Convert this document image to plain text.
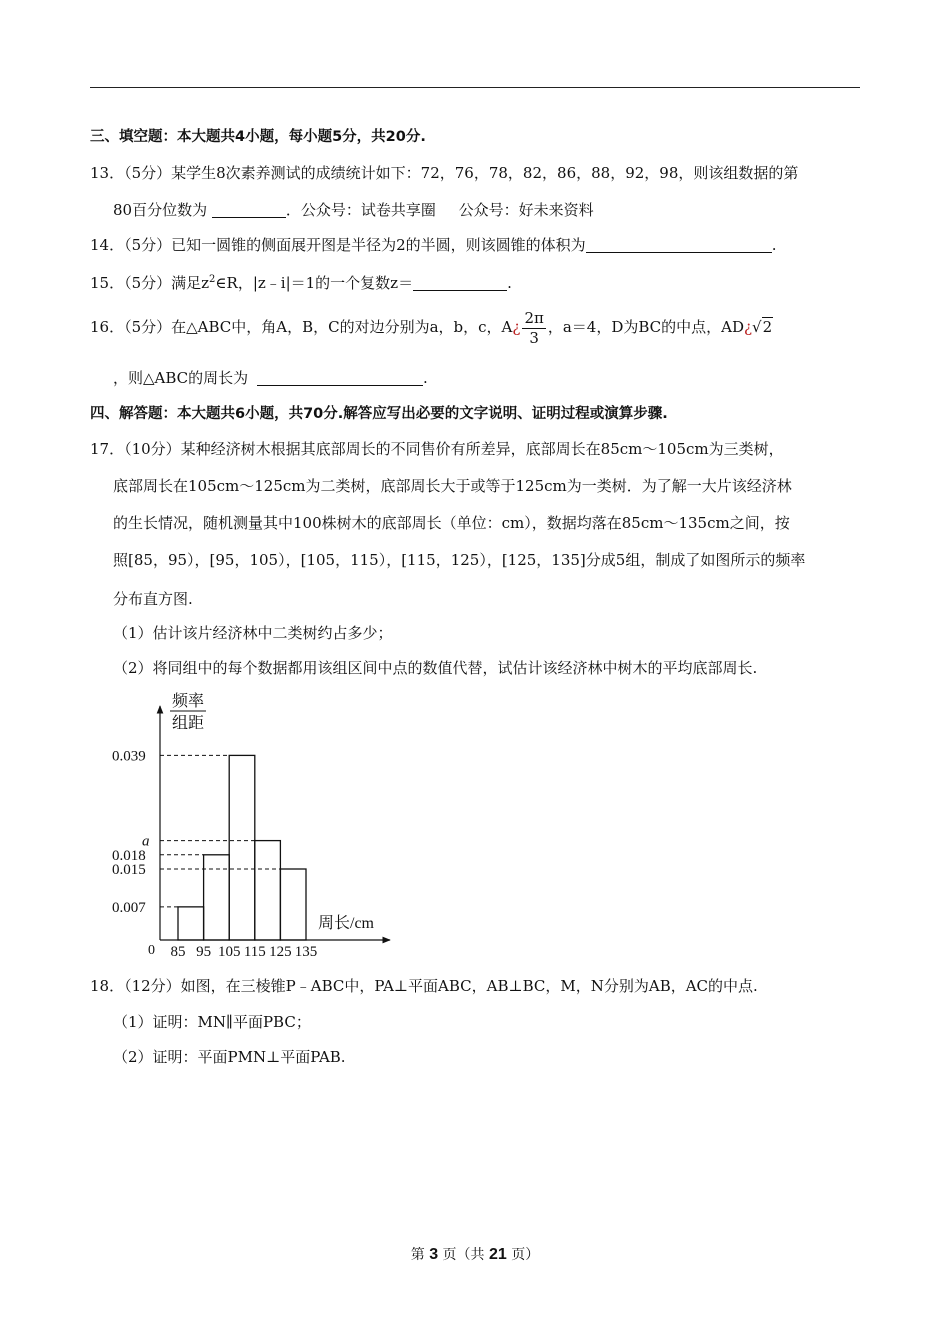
三、填空题：本大题共4小题，每小题5分，共20分.
13．（5分）某学生8次素养测试的成绩统计如下：72，76，78，82，86，88，92，98，则该组数据的第
80百分位数为	．公众号：试卷共享圈 公众号：好未来资料
14．（5分）已知一圆锥的侧面展开图是半径为2的半圆，则该圆锥的体积为	.
15．（5分）满足$z^2\in R$，|z﹣i|＝1的一个复数z＝	.
16．（5分）在△ABC中，角A，B，C的对边分别为a，b，c，A¿ $\frac{2\pi}{3}$ ，a＝4，D为BC的中点，AD¿√2
，则△ABC的周长为	.
四、解答题：本大题共6小题，共70分.解答应写出必要的文字说明、证明过程或演算步骤.
17．（10分）某种经济树木根据其底部周长的不同售价有所差异，底部周长在85cm～105cm为三类树，
底部周长在105cm～125cm为二类树，底部周长大于或等于125cm为一类树．为了解一大片该经济林
的生长情况，随机测量其中100株树木的底部周长（单位：cm），数据均落在85cm～135cm之间，按
照[85，95），[95，105），[105，115），[115，125），[125，135]分成5组，制成了如图所示的频率
分布直方图.
（1）估计该片经济林中二类树约占多少；
（2）将同组中的每个数据都用该组区间中点的数值代替，试估计该经济林中树木的平均底部周长.
0.039
a
0.018
0.015
0.007
85 95 105 115 125 135
频率
组距
周长/cm
0
18．（12分）如图，在三棱锥P﹣ABC中，PA⊥平面ABC，AB⊥BC，M，N分别为AB，AC的中点.
（1）证明：MN∥平面PBC；
（2）证明：平面PMN⊥平面PAB.
第 3 页（共 21 页）
